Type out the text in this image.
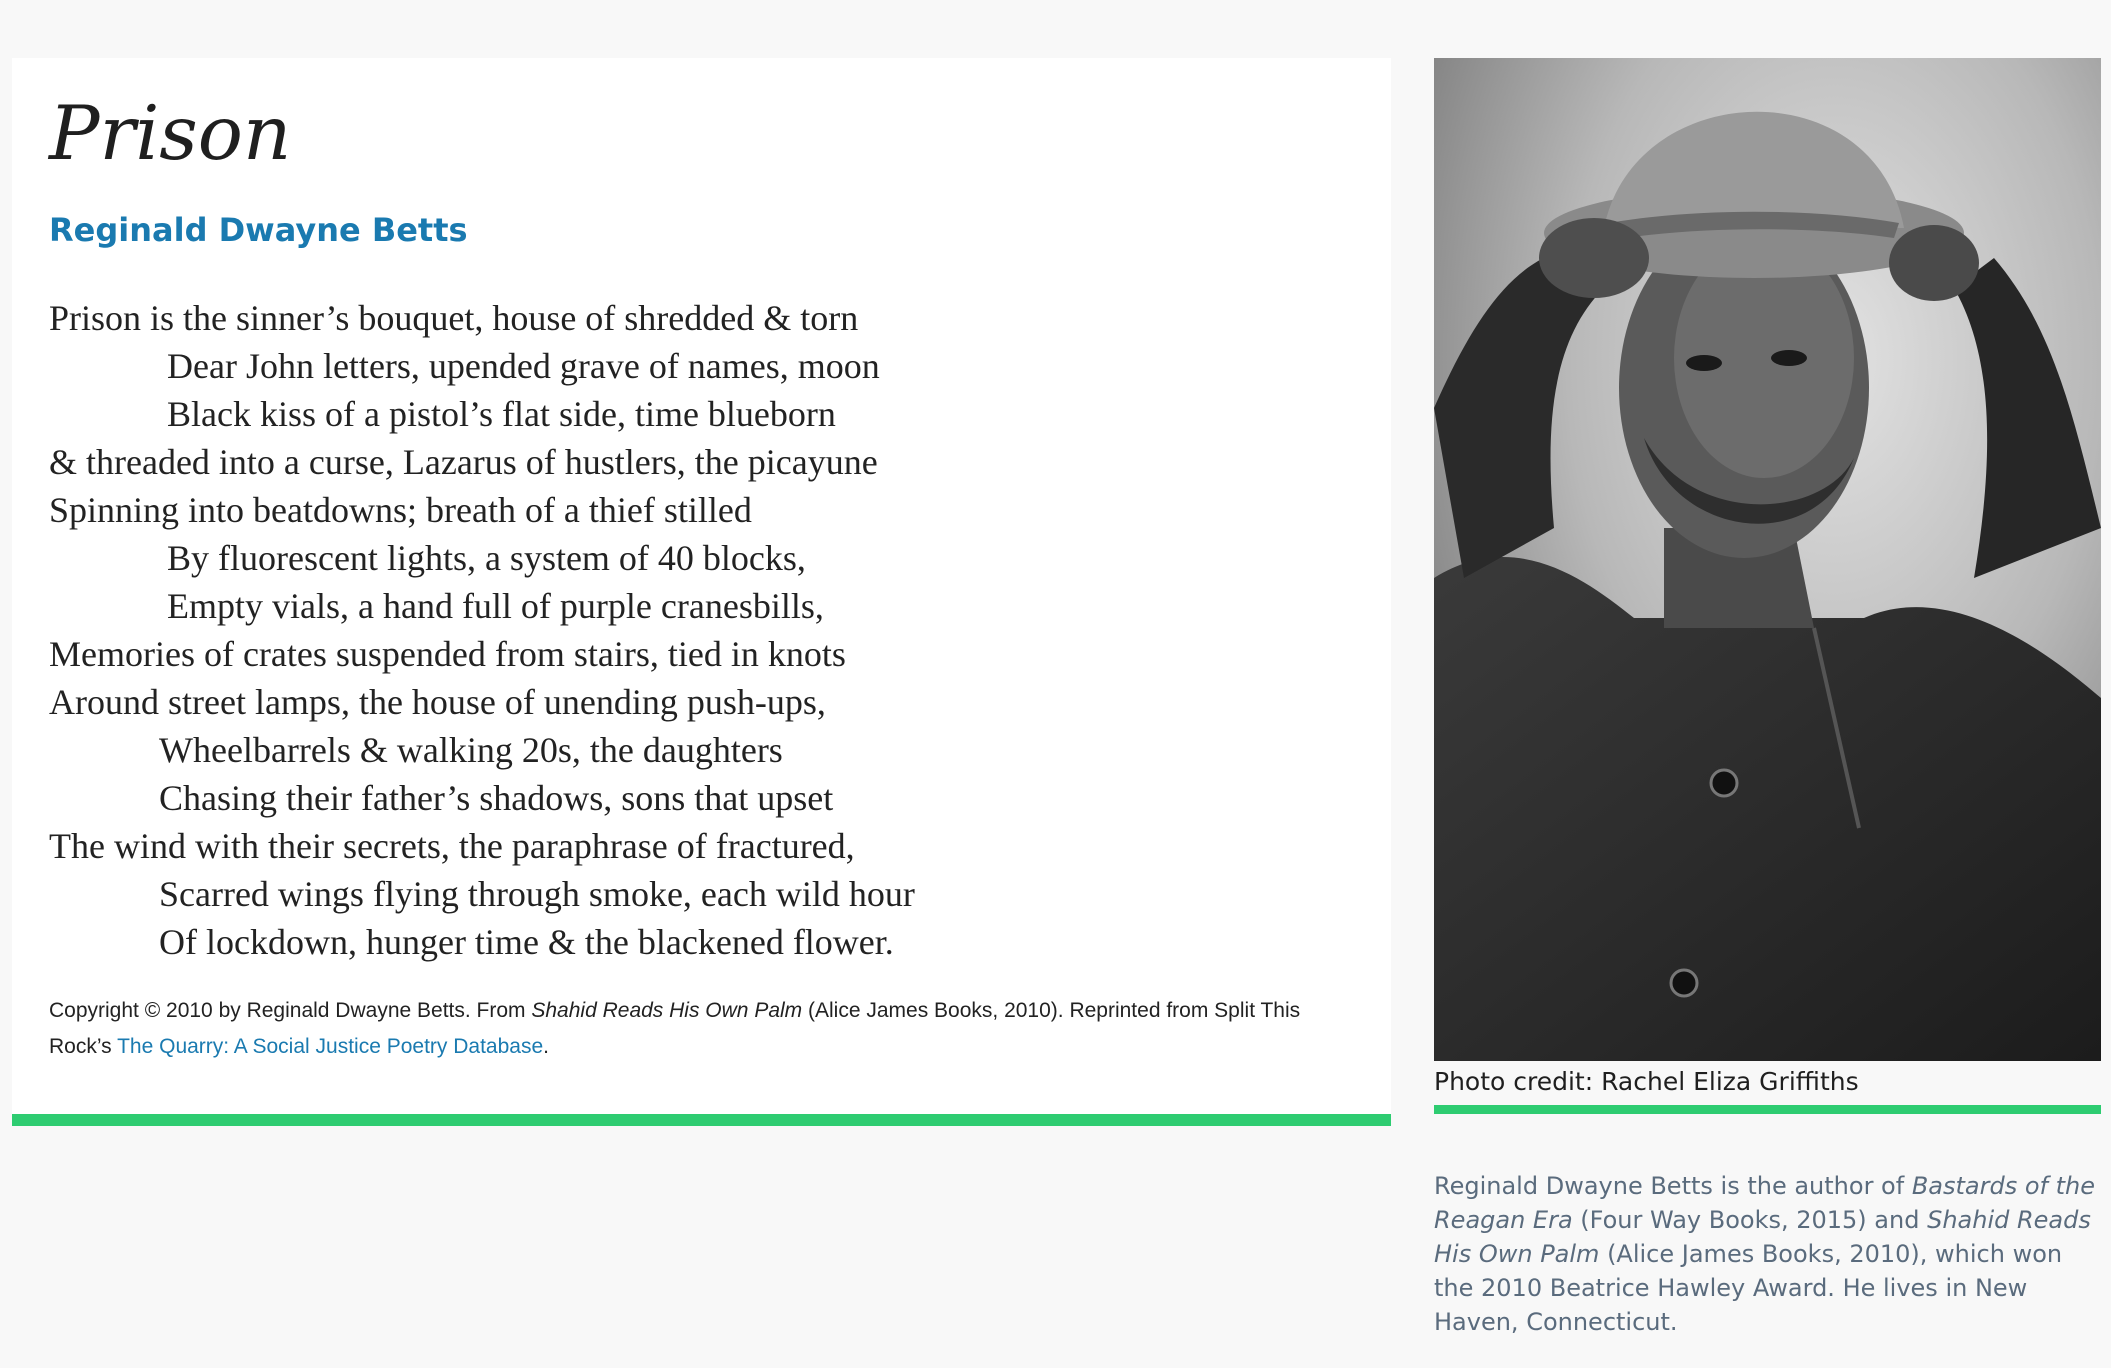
Prison
Reginald Dwayne Betts
Prison is the sinner’s bouquet, house of shredded & torn
Dear John letters, upended grave of names, moon
Black kiss of a pistol’s flat side, time blueborn
& threaded into a curse, Lazarus of hustlers, the picayune
Spinning into beatdowns; breath of a thief stilled
By fluorescent lights, a system of 40 blocks,
Empty vials, a hand full of purple cranesbills,
Memories of crates suspended from stairs, tied in knots
Around street lamps, the house of unending push-ups,
Wheelbarrels & walking 20s, the daughters
Chasing their father’s shadows, sons that upset
The wind with their secrets, the paraphrase of fractured,
Scarred wings flying through smoke, each wild hour
Of lockdown, hunger time & the blackened flower.

Copyright © 2010 by Reginald Dwayne Betts. From Shahid Reads His Own Palm (Alice James Books, 2010). Reprinted from Split This Rock’s The Quarry: A Social Justice Poetry Database.

Photo credit: Rachel Eliza Griffiths

Reginald Dwayne Betts is the author of Bastards of the Reagan Era (Four Way Books, 2015) and Shahid Reads His Own Palm (Alice James Books, 2010), which won the 2010 Beatrice Hawley Award. He lives in New Haven, Connecticut.
